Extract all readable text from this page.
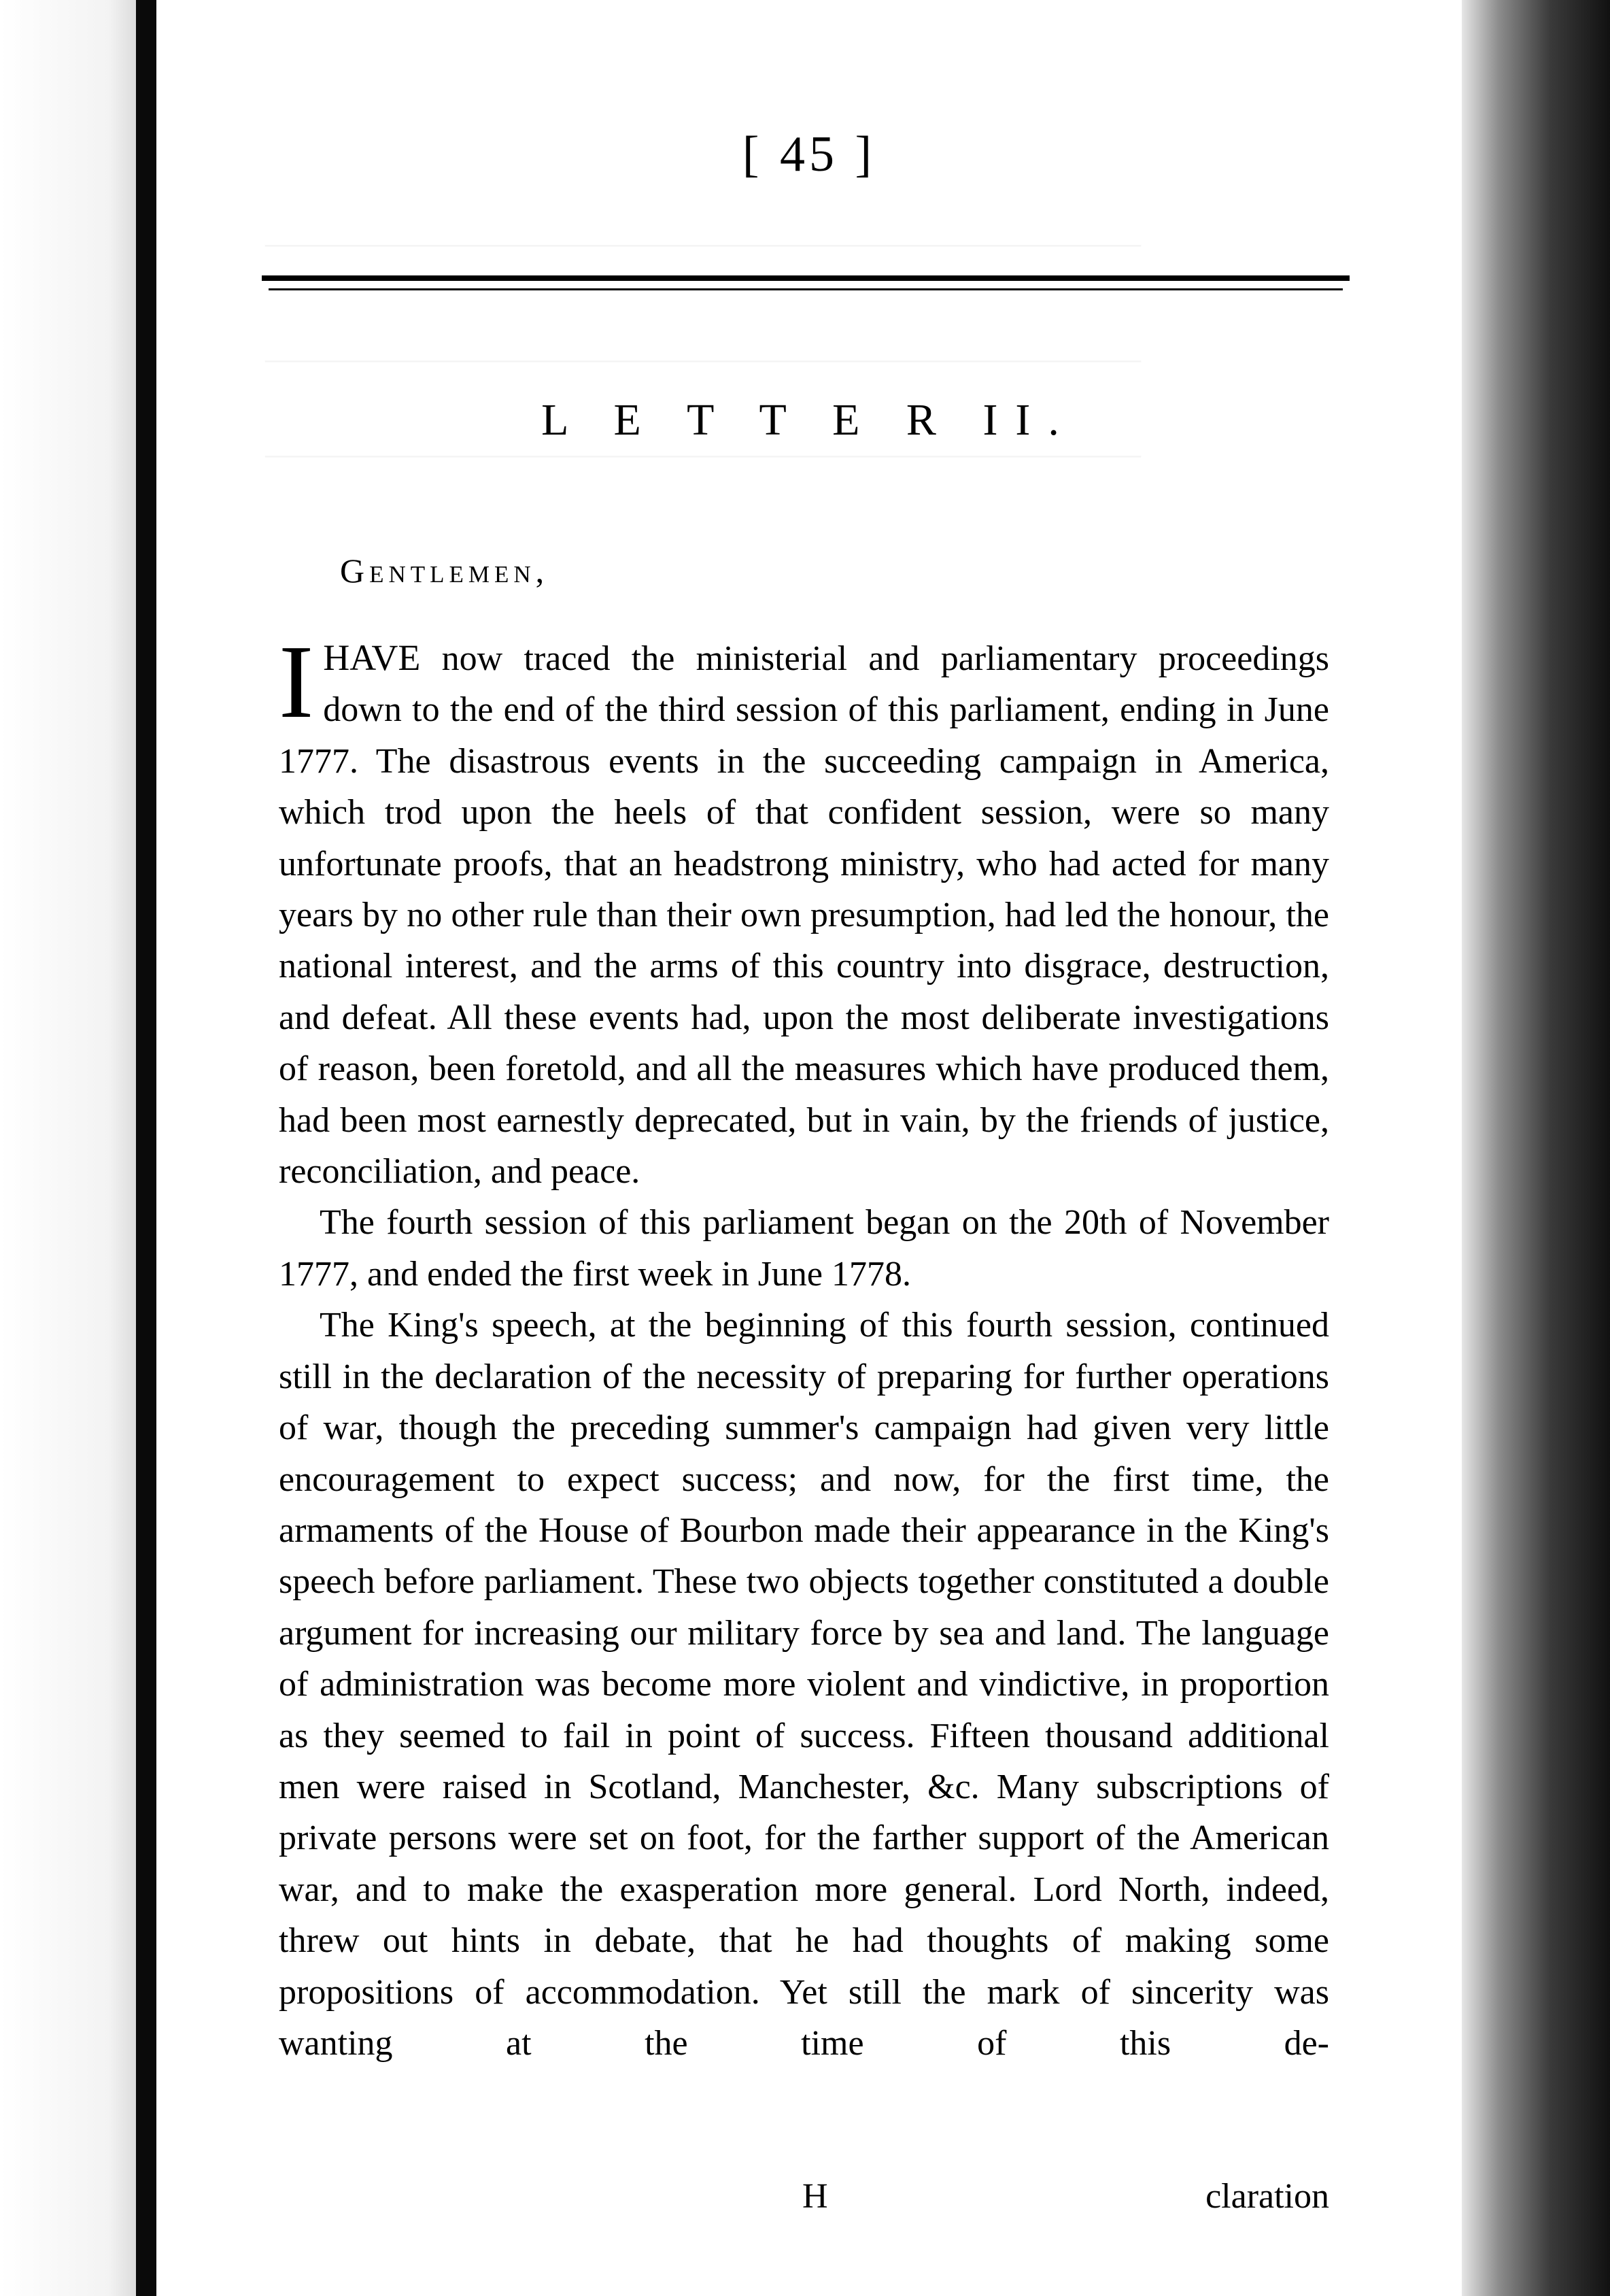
[ 45 ]
L E T T E R II.
Gentlemen,

IHAVE now traced the ministerial and parliamentary proceedings down to the end of the third session of this parliament, ending in June 1777. The disastrous events in the succeeding campaign in America, which trod upon the heels of that confident session, were so many unfortunate proofs, that an headstrong ministry, who had acted for many years by no other rule than their own presumption, had led the honour, the national interest, and the arms of this country into disgrace, destruction, and defeat. All these events had, upon the most deliberate investigations of reason, been foretold, and all the measures which have produced them, had been most earnestly deprecated, but in vain, by the friends of justice, reconciliation, and peace.

The fourth session of this parliament began on the 20th of November 1777, and ended the first week in June 1778.

The King's speech, at the beginning of this fourth session, continued still in the declaration of the necessity of preparing for further operations of war, though the preceding summer's campaign had given very little encouragement to expect success; and now, for the first time, the armaments of the House of Bourbon made their appearance in the King's speech before parliament. These two objects together constituted a double argument for increasing our military force by sea and land. The language of administration was become more violent and vindictive, in proportion as they seemed to fail in point of success. Fifteen thousand additional men were raised in Scotland, Manchester, &c. Many subscriptions of private persons were set on foot, for the farther support of the American war, and to make the exasperation more general. Lord North, indeed, threw out hints in debate, that he had thoughts of making some propositions of accommodation. Yet still the mark of sincerity was wanting at the time of this de-

H	claration
